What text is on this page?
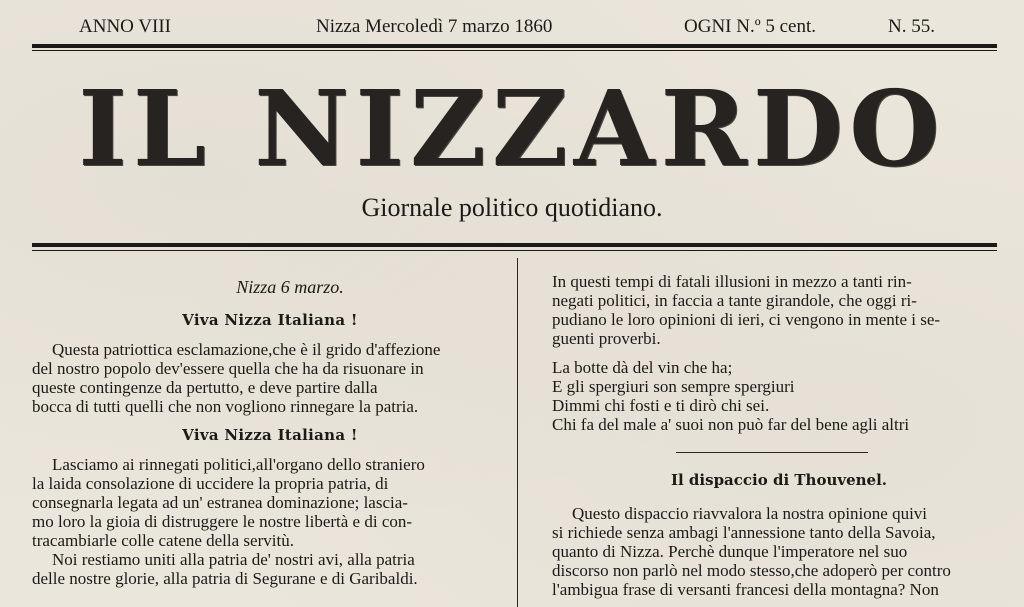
ANNO VIII	Nizza Mercoledì 7 marzo 1860	OGNI N.º 5 cent.	N. 55.
IL NIZZARDO
Giornale politico quotidiano.
Nizza 6 marzo.
Viva Nizza Italiana !
Questa patriottica esclamazione,che è il grido d'affezione
del nostro popolo dev'essere quella che ha da risuonare in
queste contingenze da pertutto, e deve partire dalla
bocca di tutti quelli che non vogliono rinnegare la patria.
Viva Nizza Italiana !
Lasciamo ai rinnegati politici,all'organo dello straniero
la laida consolazione di uccidere la propria patria, di
consegnarla legata ad un' estranea dominazione; lascia-
mo loro la gioia di distruggere le nostre libertà e di con-
tracambiarle colle catene della servitù.
Noi restiamo uniti alla patria de' nostri avi, alla patria
delle nostre glorie, alla patria di Segurane e di Garibaldi.
In questi tempi di fatali illusioni in mezzo a tanti rin-
negati politici, in faccia a tante girandole, che oggi ri-
pudiano le loro opinioni di ieri, ci vengono in mente i se-
guenti proverbi.
La botte dà del vin che ha;
E gli spergiuri son sempre spergiuri
Dimmi chi fosti e ti dirò chi sei.
Chi fa del male a' suoi non può far del bene agli altri
Il dispaccio di Thouvenel.
Questo dispaccio riavvalora la nostra opinione quivi
si richiede senza ambagi l'annessione tanto della Savoia,
quanto di Nizza. Perchè dunque l'imperatore nel suo
discorso non parlò nel modo stesso,che adoperò per contro
l'ambigua frase di versanti francesi della montagna? Non
